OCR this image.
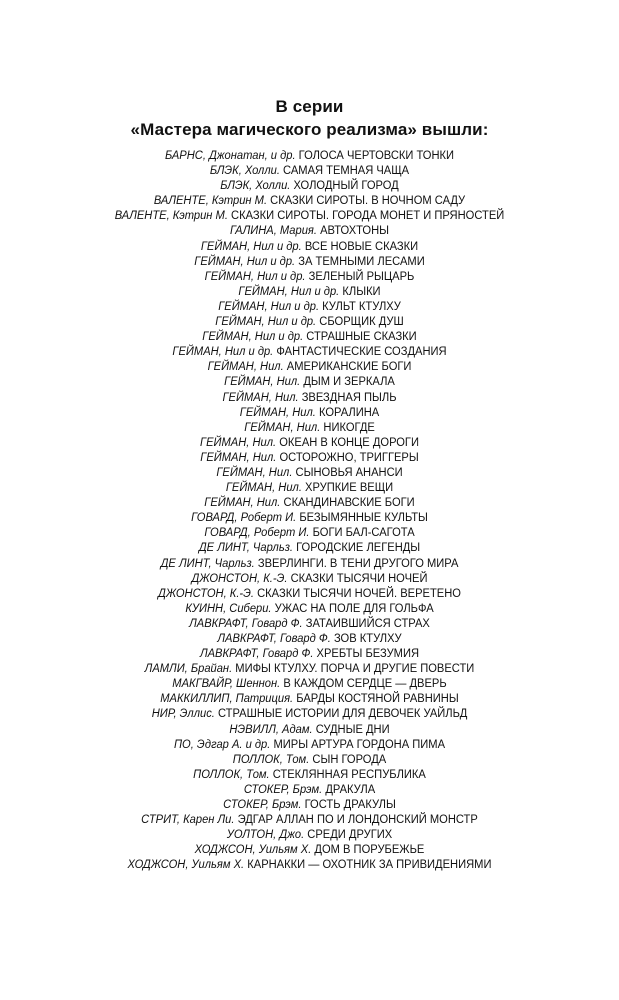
В серии
«Мастера магического реализма» вышли:
БАРНС, Джонатан, и др. ГОЛОСА ЧЕРТОВСКИ ТОНКИ
БЛЭК, Холли. САМАЯ ТЕМНАЯ ЧАЩА
БЛЭК, Холли. ХОЛОДНЫЙ ГОРОД
ВАЛЕНТЕ, Кэтрин М. СКАЗКИ СИРОТЫ. В НОЧНОМ САДУ
ВАЛЕНТЕ, Кэтрин М. СКАЗКИ СИРОТЫ. ГОРОДА МОНЕТ И ПРЯНОСТЕЙ
ГАЛИНА, Мария. АВТОХТОНЫ
ГЕЙМАН, Нил и др. ВСЕ НОВЫЕ СКАЗКИ
ГЕЙМАН, Нил и др. ЗА ТЕМНЫМИ ЛЕСАМИ
ГЕЙМАН, Нил и др. ЗЕЛЕНЫЙ РЫЦАРЬ
ГЕЙМАН, Нил и др. КЛЫКИ
ГЕЙМАН, Нил и др. КУЛЬТ КТУЛХУ
ГЕЙМАН, Нил и др. СБОРЩИК ДУШ
ГЕЙМАН, Нил и др. СТРАШНЫЕ СКАЗКИ
ГЕЙМАН, Нил и др. ФАНТАСТИЧЕСКИЕ СОЗДАНИЯ
ГЕЙМАН, Нил. АМЕРИКАНСКИЕ БОГИ
ГЕЙМАН, Нил. ДЫМ И ЗЕРКАЛА
ГЕЙМАН, Нил. ЗВЕЗДНАЯ ПЫЛЬ
ГЕЙМАН, Нил. КОРАЛИНА
ГЕЙМАН, Нил. НИКОГДЕ
ГЕЙМАН, Нил. ОКЕАН В КОНЦЕ ДОРОГИ
ГЕЙМАН, Нил. ОСТОРОЖНО, ТРИГГЕРЫ
ГЕЙМАН, Нил. СЫНОВЬЯ АНАНСИ
ГЕЙМАН, Нил. ХРУПКИЕ ВЕЩИ
ГЕЙМАН, Нил. СКАНДИНАВСКИЕ БОГИ
ГОВАРД, Роберт И. БЕЗЫМЯННЫЕ КУЛЬТЫ
ГОВАРД, Роберт И. БОГИ БАЛ-САГОТА
ДЕ ЛИНТ, Чарльз. ГОРОДСКИЕ ЛЕГЕНДЫ
ДЕ ЛИНТ, Чарльз. ЗВЕРЛИНГИ. В ТЕНИ ДРУГОГО МИРА
ДЖОНСТОН, К.-Э. СКАЗКИ ТЫСЯЧИ НОЧЕЙ
ДЖОНСТОН, К.-Э. СКАЗКИ ТЫСЯЧИ НОЧЕЙ. ВЕРЕТЕНО
КУИНН, Сибери. УЖАС НА ПОЛЕ ДЛЯ ГОЛЬФА
ЛАВКРАФТ, Говард Ф. ЗАТАИВШИЙСЯ СТРАХ
ЛАВКРАФТ, Говард Ф. ЗОВ КТУЛХУ
ЛАВКРАФТ, Говард Ф. ХРЕБТЫ БЕЗУМИЯ
ЛАМЛИ, Брайан. МИФЫ КТУЛХУ. ПОРЧА И ДРУГИЕ ПОВЕСТИ
МАКГВАЙР, Шеннон. В КАЖДОМ СЕРДЦЕ — ДВЕРЬ
МАККИЛЛИП, Патриция. БАРДЫ КОСТЯНОЙ РАВНИНЫ
НИР, Эллис. СТРАШНЫЕ ИСТОРИИ ДЛЯ ДЕВОЧЕК УАЙЛЬД
НЭВИЛЛ, Адам. СУДНЫЕ ДНИ
ПО, Эдгар А. и др. МИРЫ АРТУРА ГОРДОНА ПИМА
ПОЛЛОК, Том. СЫН ГОРОДА
ПОЛЛОК, Том. СТЕКЛЯННАЯ РЕСПУБЛИКА
СТОКЕР, Брэм. ДРАКУЛА
СТОКЕР, Брэм. ГОСТЬ ДРАКУЛЫ
СТРИТ, Карен Ли. ЭДГАР АЛЛАН ПО И ЛОНДОНСКИЙ МОНСТР
УОЛТОН, Джо. СРЕДИ ДРУГИХ
ХОДЖСОН, Уильям Х. ДОМ В ПОРУБЕЖЬЕ
ХОДЖСОН, Уильям Х. КАРНАККИ — ОХОТНИК ЗА ПРИВИДЕНИЯМИ
